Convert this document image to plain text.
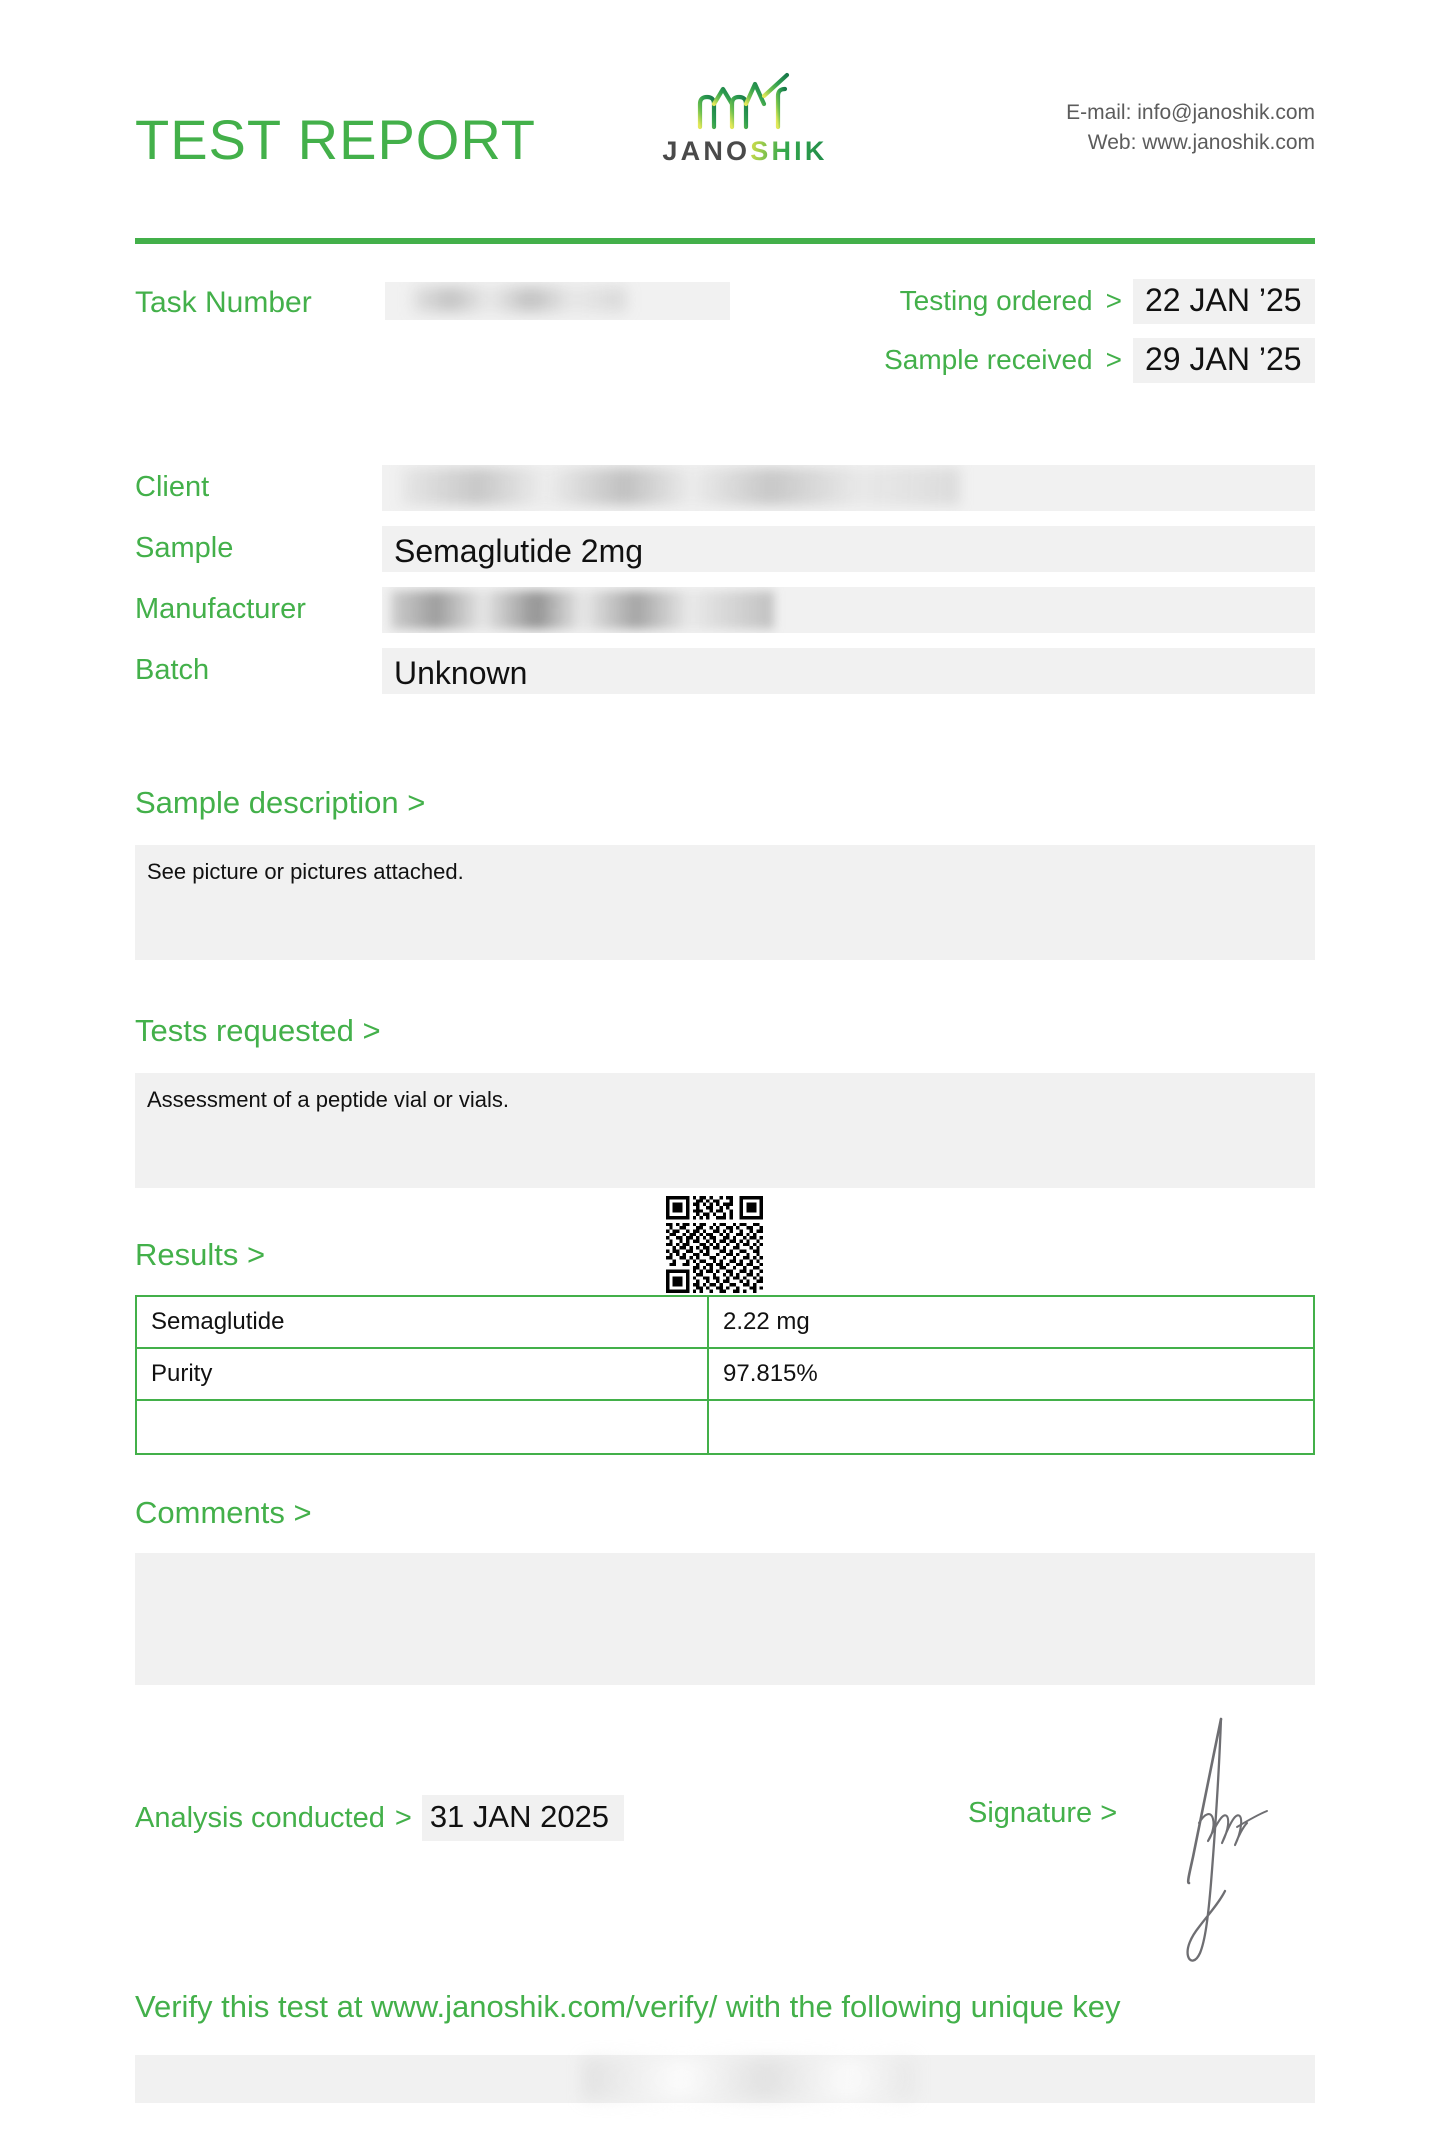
TEST REPORT	JANOSHIK
E-mail: info@janoshik.com
Web: www.janoshik.com
Task Number	Testing ordered > 22 JAN ’25
Sample received > 29 JAN ’25
Client
Sample	Semaglutide 2mg
Manufacturer
Batch	Unknown
Sample description >
See picture or pictures attached.
Tests requested >
Assessment of a peptide vial or vials.
Results >
Semaglutide	2.22 mg
Purity	97.815%

Comments >
Analysis conducted > 31 JAN 2025	Signature >
Verify this test at www.janoshik.com/verify/ with the following unique key
